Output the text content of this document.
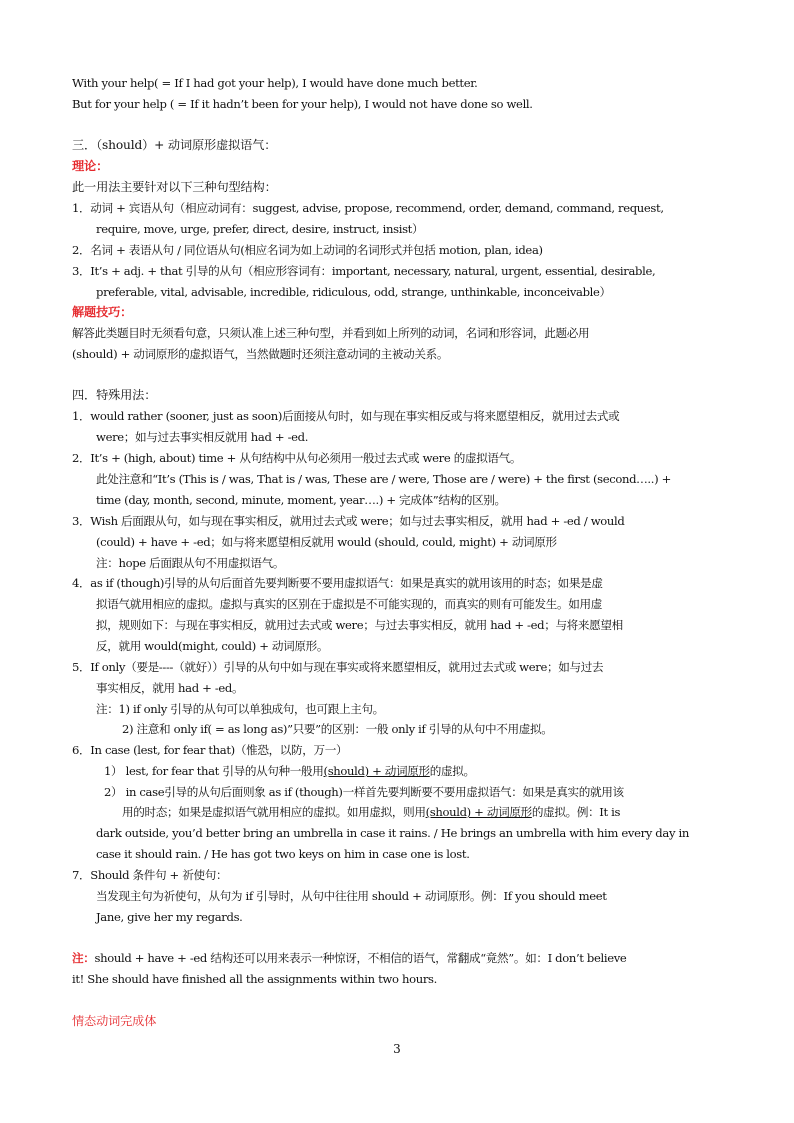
With your help( = If I had got your help), I would have done much better.
But for your help ( = If it hadn’t been for your help), I would not have done so well.
三．（should）+ 动词原形虚拟语气：
理论：
此一用法主要针对以下三种句型结构：
1．动词 + 宾语从句（相应动词有：suggest, advise, propose, recommend, order, demand, command, request,
require, move, urge, prefer, direct, desire, instruct, insist）
2．名词 + 表语从句 / 同位语从句(相应名词为如上动词的名词形式并包括 motion, plan, idea)
3．It’s + adj. + that 引导的从句（相应形容词有：important, necessary, natural, urgent, essential, desirable,
preferable, vital, advisable, incredible, ridiculous, odd, strange, unthinkable, inconceivable）
解题技巧：
解答此类题目时无须看句意，只须认准上述三种句型，并看到如上所列的动词，名词和形容词，此题必用
(should) + 动词原形的虚拟语气，当然做题时还须注意动词的主被动关系。
四．特殊用法：
1．would rather (sooner, just as soon)后面接从句时，如与现在事实相反或与将来愿望相反，就用过去式或
were；如与过去事实相反就用 had + -ed.
2．It’s + (high, about) time + 从句结构中从句必须用一般过去式或 were 的虚拟语气。
此处注意和“It’s (This is / was, That is / was, These are / were, Those are / were) + the first (second…..) +
time (day, month, second, minute, moment, year….) + 完成体”结构的区别。
3．Wish 后面跟从句，如与现在事实相反，就用过去式或 were；如与过去事实相反，就用 had + -ed / would
(could) + have + -ed；如与将来愿望相反就用 would (should, could, might) + 动词原形
注：hope 后面跟从句不用虚拟语气。
4．as if (though)引导的从句后面首先要判断要不要用虚拟语气：如果是真实的就用该用的时态；如果是虚
拟语气就用相应的虚拟。虚拟与真实的区别在于虚拟是不可能实现的，而真实的则有可能发生。如用虚
拟，规则如下：与现在事实相反，就用过去式或 were；与过去事实相反，就用 had + -ed；与将来愿望相
反，就用 would(might, could) + 动词原形。
5．If only（要是----（就好））引导的从句中如与现在事实或将来愿望相反，就用过去式或 were；如与过去
事实相反，就用 had + -ed。
注：1) if only 引导的从句可以单独成句，也可跟上主句。
2) 注意和 only if( = as long as)”只要”的区别：一般 only if 引导的从句中不用虚拟。
6．In case (lest, for fear that)（惟恐，以防，万一）
1） lest, for fear that 引导的从句种一般用(should) + 动词原形的虚拟。
2） in case引导的从句后面则象 as if (though)一样首先要判断要不要用虚拟语气：如果是真实的就用该
用的时态；如果是虚拟语气就用相应的虚拟。如用虚拟，则用(should) + 动词原形的虚拟。例：It is
dark outside, you’d better bring an umbrella in case it rains. / He brings an umbrella with him every day in
case it should rain. / He has got two keys on him in case one is lost.
7．Should 条件句 + 祈使句：
当发现主句为祈使句，从句为 if 引导时，从句中往往用 should + 动词原形。例：If you should meet
Jane, give her my regards.
注：should + have + -ed 结构还可以用来表示一种惊讶，不相信的语气，常翻成“竟然”。如：I don’t believe
it! She should have finished all the assignments within two hours.
情态动词完成体
3
